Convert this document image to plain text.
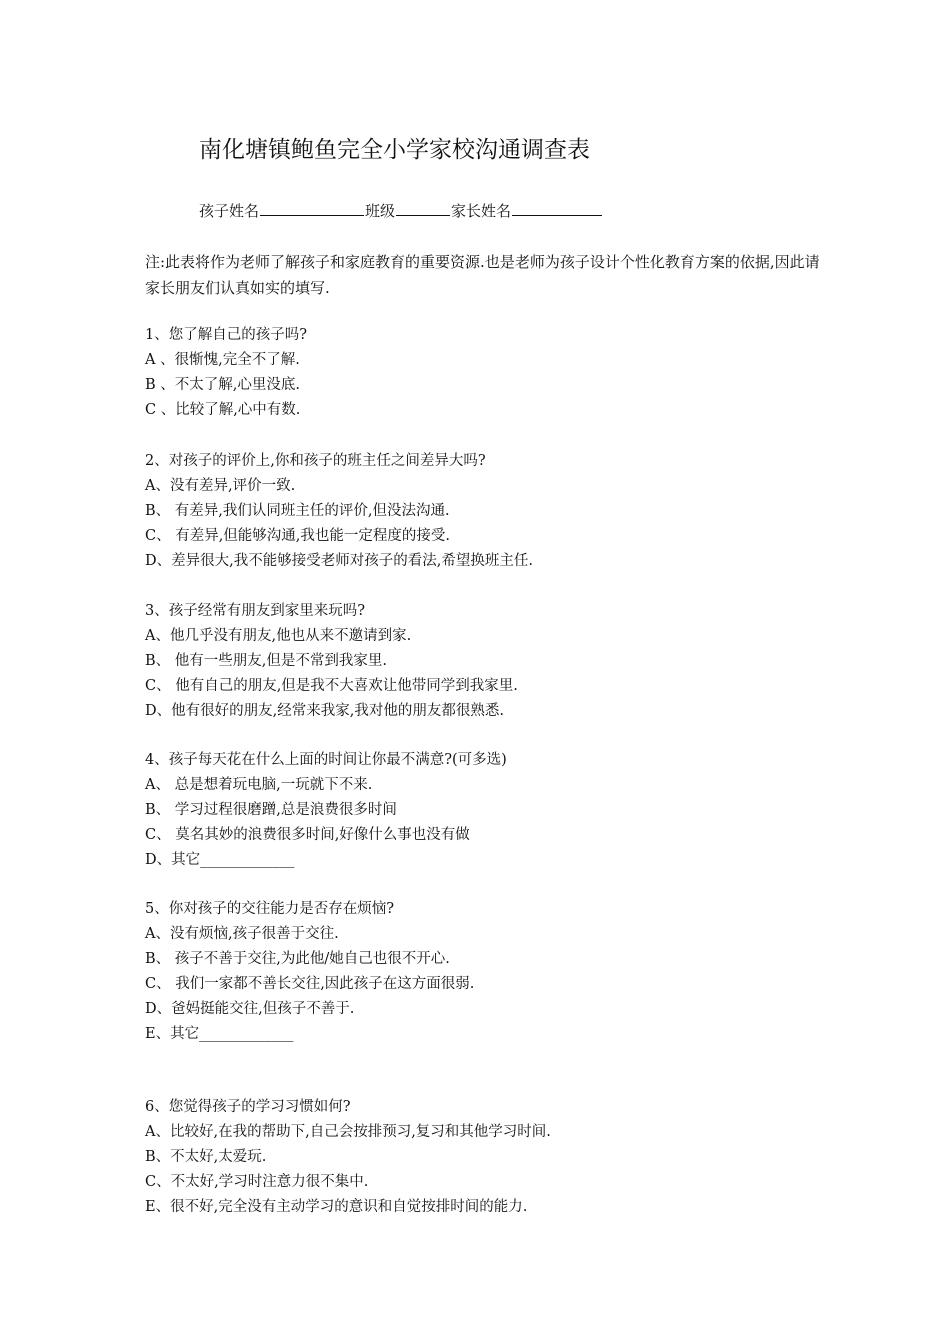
南化塘镇鲍鱼完全小学家校沟通调查表
孩子姓名	班级	家长姓名
注:此表将作为老师了解孩子和家庭教育的重要资源.也是老师为孩子设计个性化教育方案的依据,因此请家长朋友们认真如实的填写.
1、您了解自己的孩子吗?
A 、很惭愧,完全不了解.
B 、不太了解,心里没底.
C 、比较了解,心中有数.
2、对孩子的评价上,你和孩子的班主任之间差异大吗?
A、没有差异,评价一致.
B、 有差异,我们认同班主任的评价,但没法沟通.
C、 有差异,但能够沟通,我也能一定程度的接受.
D、差异很大,我不能够接受老师对孩子的看法,希望换班主任.
3、孩子经常有朋友到家里来玩吗?
A、他几乎没有朋友,他也从来不邀请到家.
B、 他有一些朋友,但是不常到我家里.
C、 他有自己的朋友,但是我不大喜欢让他带同学到我家里.
D、他有很好的朋友,经常来我家,我对他的朋友都很熟悉.
4、孩子每天花在什么上面的时间让你最不满意?(可多选)
A、 总是想着玩电脑,一玩就下不来.
B、 学习过程很磨蹭,总是浪费很多时间
C、 莫名其妙的浪费很多时间,好像什么事也没有做
D、其它_____________
5、你对孩子的交往能力是否存在烦恼?
A、没有烦恼,孩子很善于交往.
B、 孩子不善于交往,为此他/她自己也很不开心.
C、 我们一家都不善长交往,因此孩子在这方面很弱.
D、爸妈挺能交往,但孩子不善于.
E、其它_____________
6、您觉得孩子的学习习惯如何?
A、比较好,在我的帮助下,自己会按排预习,复习和其他学习时间.
B、不太好,太爱玩.
C、不太好,学习时注意力很不集中.
E、很不好,完全没有主动学习的意识和自觉按排时间的能力.
